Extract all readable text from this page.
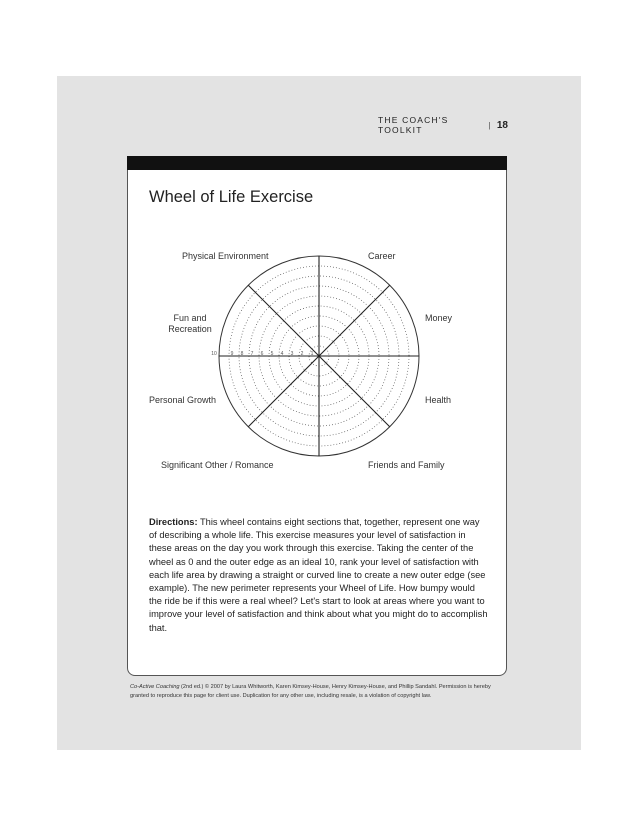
THE COACH'S TOOLKIT	| 18
Wheel of Life Exercise
10	9 8 7 6 5 4 3 2 1
Physical Environment	Career
Money
Health
Friends and Family
Significant Other / Romance
Personal Growth
Fun and
Recreation
Directions: This wheel contains eight sections that, together, represent one way of describing a whole life. This exercise measures your level of satisfaction in these areas on the day you work through this exercise. Taking the center of the wheel as 0 and the outer edge as an ideal 10, rank your level of satisfaction with each life area by drawing a straight or curved line to create a new outer edge (see example). The new perimeter represents your Wheel of Life. How bumpy would the ride be if this were a real wheel? Let's start to look at areas where you want to improve your level of satisfaction and think about what you might do to accomplish that.
Co-Active Coaching (2nd ed.) © 2007 by Laura Whitworth, Karen Kimsey-House, Henry Kimsey-House, and Phillip Sandahl. Permission is hereby granted to reproduce this page for client use. Duplication for any other use, including resale, is a violation of copyright law.
